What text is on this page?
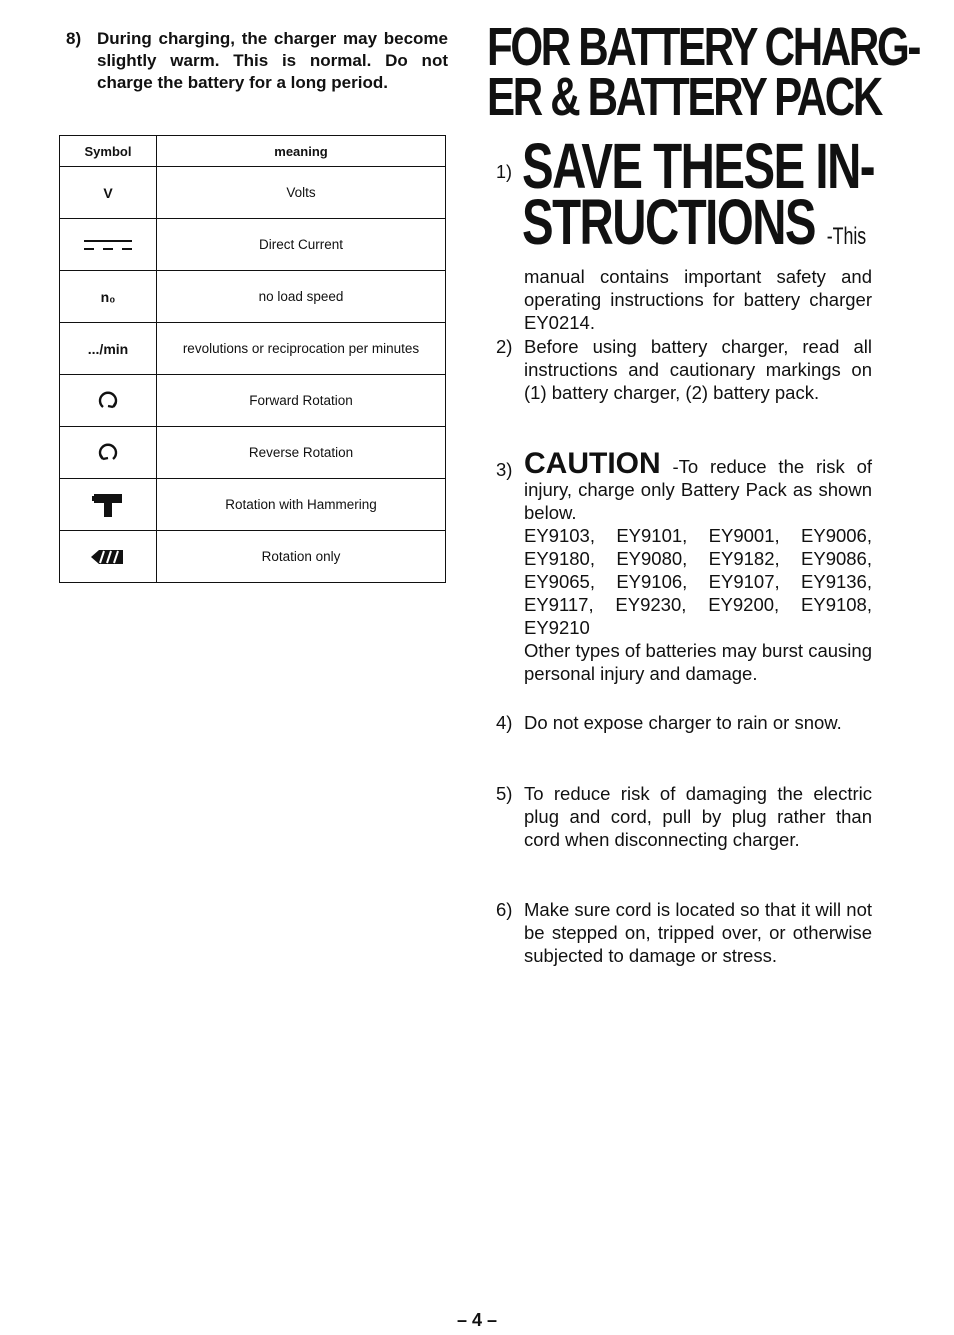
8) During charging, the charger may become slightly warm. This is normal. Do not charge the battery for a long period.
Symbol	meaning
V	Volts
	Direct Current
n₀	no load speed
.../min	revolutions or reciprocation per minutes
	Forward Rotation
	Reverse Rotation
	Rotation with Hammering
	Rotation only
FOR BATTERY CHARG-
ER & BATTERY PACK
1) SAVE THESE IN-
STRUCTIONS -This
manual contains important safety and operating instructions for battery charger EY0214.
2) Before using battery charger, read all instructions and cautionary markings on (1) battery charger, (2) battery pack.
3) CAUTION -To reduce the risk of injury, charge only Battery Pack as shown below.
EY9103, EY9101, EY9001, EY9006, EY9180, EY9080, EY9182, EY9086, EY9065, EY9106, EY9107, EY9136, EY9117, EY9230, EY9200, EY9108, EY9210
Other types of batteries may burst causing personal injury and damage.
4) Do not expose charger to rain or snow.
5) To reduce risk of damaging the electric plug and cord, pull by plug rather than cord when disconnecting charger.
6) Make sure cord is located so that it will not be stepped on, tripped over, or otherwise subjected to damage or stress.
– 4 –
